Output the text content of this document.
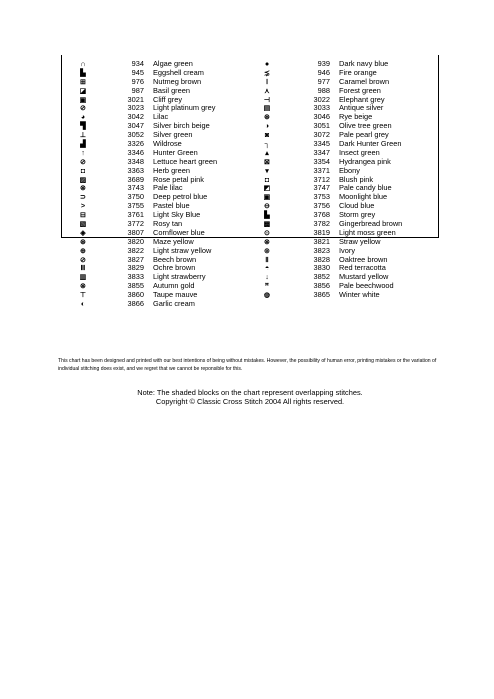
∩	934 Algae green
▙	945 Eggshell cream
⊞	976 Nutmeg brown
◪	987 Basil green
▣	3021 Cliff grey
⊘	3023 Light platinum grey
◕	3042 Lilac
▜	3047 Silver birch beige
⊥	3052 Silver green
▟	3326 Wildrose
↑	3346 Hunter Green
⊘	3348 Lettuce heart green
◘	3363 Herb green
▨	3689 Rose petal pink
⊗	3743 Pale lilac
⊃	3750 Deep petrol blue
>	3755 Pastel blue
⊟	3761 Light Sky Blue
▧	3772 Rosy tan
◈	3807 Cornflower blue
⊛	3820 Maze yellow
⊕	3822 Light straw yellow
⊘	3827 Beech brown
Ⅲ	3829 Ochre brown
▥	3833 Light strawberry
⊗	3855 Autumn gold
⊤	3860 Taupe mauve
◐	3866 Garlic cream
●	939 Dark navy blue
⋨	946 Fire orange
Ⅰ	977 Caramel brown
⋏	988 Forest green
⊣	3022 Elephant grey
▤	3033 Antique silver
⊛	3046 Rye beige
◑	3051 Olive tree green
◙	3072 Pale pearl grey
┐	3345 Dark Hunter Green
▴	3347 Insect green
⊠	3354 Hydrangea pink
▾	3371 Ebony
◘	3712 Blush pink
◩	3747 Pale candy blue
▣	3753 Moonlight blue
⊖	3756 Cloud blue
▙	3768 Storm grey
▩	3782 Gingerbread brown
⊙	3819 Light moss green
⊗	3821 Straw yellow
⊚	3823 Ivory
Ⅱ	3828 Oaktree brown
◓	3830 Red terracotta
↓	3852 Mustard yellow
ꟸ	3856 Pale beechwood
◍	3865 Winter white
This chart has been designed and printed with our best intentions of being without mistakes. However, the possibility of human error, printing mistakes or the variation of individual stitching does exist, and we regret that we cannot be reponsible for this.
Note: The shaded blocks on the chart represent overlapping stitches.
Copyright © Classic Cross Stitch 2004 All rights reserved.
